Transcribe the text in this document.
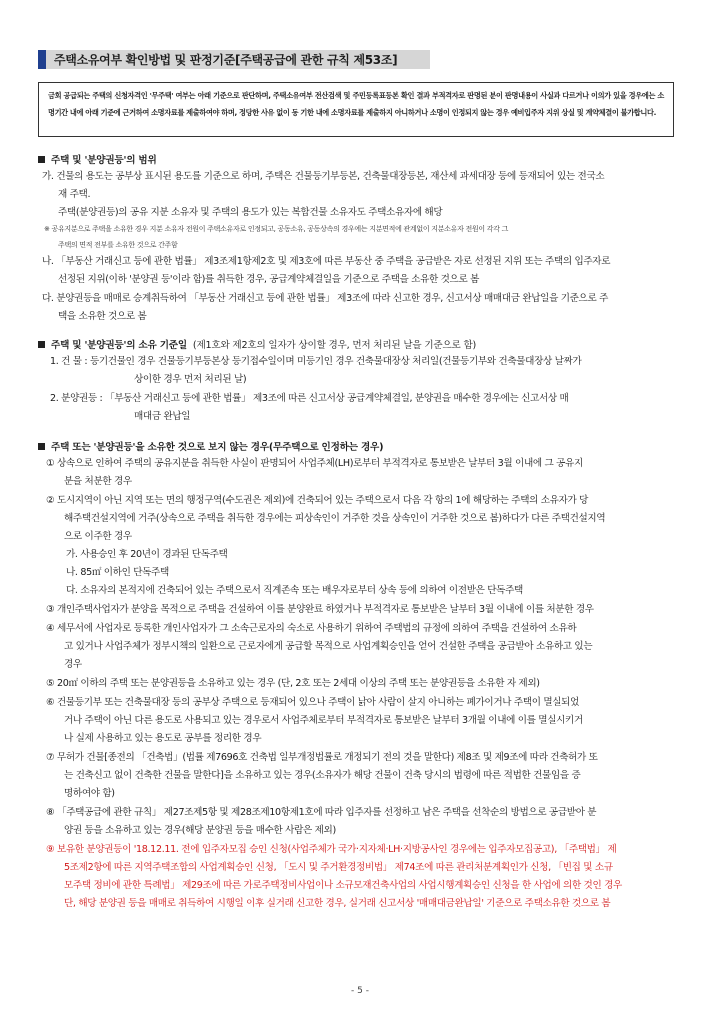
주택소유여부 확인방법 및 판정기준[주택공급에 관한 규칙 제53조]
금회 공급되는 주택의 신청자격인 '무주택' 여부는 아래 기준으로 판단하며, 주택소유여부 전산검색 및 주민등록표등본 확인 결과 부적격자로 판명된 분이 판명내용이 사실과 다르거나 이의가 있을 경우에는 소명기간 내에 아래 기준에 근거하여 소명자료를 제출하여야 하며, 정당한 사유 없이 동 기한 내에 소명자료를 제출하지 아니하거나 소명이 인정되지 않는 경우 예비입주자 지위 상실 및 계약체결이 불가합니다.
주택 및 '분양권등'의 범위
가. 건물의 용도는 공부상 표시된 용도를 기준으로 하며, 주택은 건물등기부등본, 건축물대장등본, 재산세 과세대장 등에 등재되어 있는 전국소
재 주택.
주택(분양권등)의 공유 지분 소유자 및 주택의 용도가 있는 복합건물 소유자도 주택소유자에 해당
※ 공유지분으로 주택을 소유한 경우 지분 소유자 전원이 주택소유자로 인정되고, 공동소유, 공동상속의 경우에는 지분면적에 관계없이 지분소유자 전원이 각각 그
주택의 면적 전부를 소유한 것으로 간주함
나. 「부동산 거래신고 등에 관한 법률」 제3조제1항제2호 및 제3호에 따른 부동산 중 주택을 공급받은 자로 선정된 지위 또는 주택의 입주자로
선정된 지위(이하 '분양권 등'이라 함)를 취득한 경우, 공급계약체결일을 기준으로 주택을 소유한 것으로 봄
다. 분양권등을 매매로 승계취득하여 「부동산 거래신고 등에 관한 법률」 제3조에 따라 신고한 경우, 신고서상 매매대금 완납일을 기준으로 주
택을 소유한 것으로 봄
주택 및 '분양권등'의 소유 기준일 (제1호와 제2호의 일자가 상이할 경우, 먼저 처리된 날을 기준으로 함)
1. 건 물 : 등기건물인 경우 건물등기부등본상 등기접수일이며 미등기인 경우 건축물대장상 처리일(건물등기부와 건축물대장상 날짜가
상이한 경우 먼저 처리된 날)
2. 분양권등 : 「부동산 거래신고 등에 관한 법률」 제3조에 따른 신고서상 공급계약체결일, 분양권을 매수한 경우에는 신고서상 매
매대금 완납일
주택 또는 '분양권등'을 소유한 것으로 보지 않는 경우(무주택으로 인정하는 경우)
① 상속으로 인하여 주택의 공유지분을 취득한 사실이 판명되어 사업주체(LH)로부터 부적격자로 통보받은 날부터 3월 이내에 그 공유지
분을 처분한 경우
② 도시지역이 아닌 지역 또는 면의 행정구역(수도권은 제외)에 건축되어 있는 주택으로서 다음 각 항의 1에 해당하는 주택의 소유자가 당
해주택건설지역에 거주(상속으로 주택을 취득한 경우에는 피상속인이 거주한 것을 상속인이 거주한 것으로 봄)하다가 다른 주택건설지역
으로 이주한 경우
가. 사용승인 후 20년이 경과된 단독주택
나. 85㎡ 이하인 단독주택
다. 소유자의 본적지에 건축되어 있는 주택으로서 직계존속 또는 배우자로부터 상속 등에 의하여 이전받은 단독주택
③ 개인주택사업자가 분양을 목적으로 주택을 건설하여 이를 분양완료 하였거나 부적격자로 통보받은 날부터 3월 이내에 이를 처분한 경우
④ 세무서에 사업자로 등록한 개인사업자가 그 소속근로자의 숙소로 사용하기 위하여 주택법의 규정에 의하여 주택을 건설하여 소유하
고 있거나 사업주체가 정부시책의 일환으로 근로자에게 공급할 목적으로 사업계획승인을 얻어 건설한 주택을 공급받아 소유하고 있는
경우
⑤ 20㎡ 이하의 주택 또는 분양권등을 소유하고 있는 경우 (단, 2호 또는 2세대 이상의 주택 또는 분양권등을 소유한 자 제외)
⑥ 건물등기부 또는 건축물대장 등의 공부상 주택으로 등재되어 있으나 주택이 낡아 사람이 살지 아니하는 폐가이거나 주택이 멸실되었
거나 주택이 아닌 다른 용도로 사용되고 있는 경우로서 사업주체로부터 부적격자로 통보받은 날부터 3개월 이내에 이를 멸실시키거
나 실제 사용하고 있는 용도로 공부를 정리한 경우
⑦ 무허가 건물[종전의 「건축법」(법률 제7696호 건축법 일부개정법률로 개정되기 전의 것을 말한다) 제8조 및 제9조에 따라 건축허가 또
는 건축신고 없이 건축한 건물을 말한다]을 소유하고 있는 경우(소유자가 해당 건물이 건축 당시의 법령에 따른 적법한 건물임을 증
명하여야 함)
⑧ 「주택공급에 관한 규칙」 제27조제5항 및 제28조제10항제1호에 따라 입주자를 선정하고 남은 주택을 선착순의 방법으로 공급받아 분
양권 등을 소유하고 있는 경우(해당 분양권 등을 매수한 사람은 제외)
⑨ 보유한 분양권등이 '18.12.11. 전에 입주자모집 승인 신청(사업주체가 국가·지자체·LH·지방공사인 경우에는 입주자모집공고), 「주택법」 제
5조제2항에 따른 지역주택조합의 사업계획승인 신청, 「도시 및 주거환경정비법」 제74조에 따른 관리처분계획인가 신청, 「빈집 및 소규
모주택 정비에 관한 특례법」 제29조에 따른 가로주택정비사업이나 소규모재건축사업의 사업시행계획승인 신청을 한 사업에 의한 것인 경우
단, 해당 분양권 등을 매매로 취득하여 시행일 이후 실거래 신고한 경우, 실거래 신고서상 '매매대금완납일' 기준으로 주택소유한 것으로 봄
- 5 -
